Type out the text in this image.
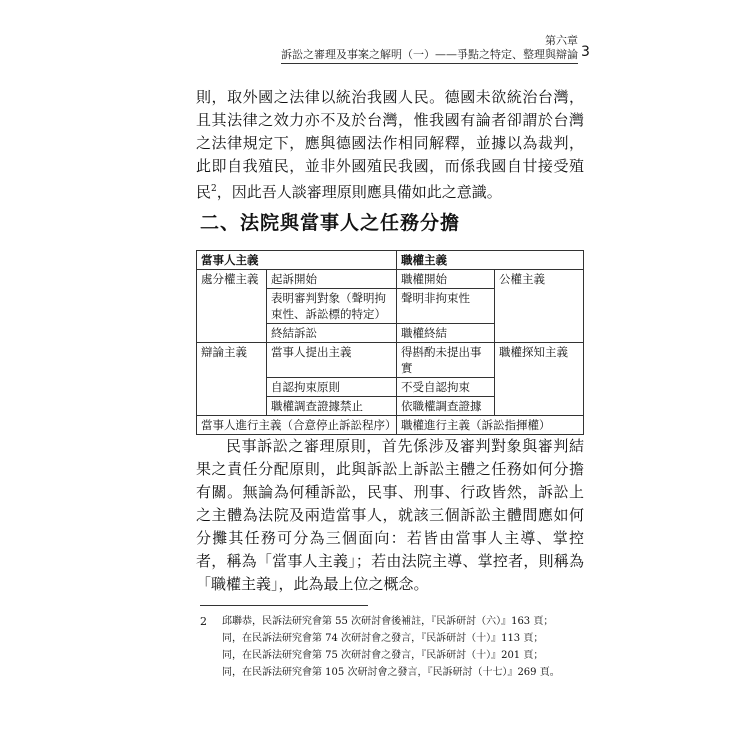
第六章
訴訟之審理及事案之解明（一）——爭點之特定、整理與辯論 3

則，取外國之法律以統治我國人民。德國未欲統治台灣，且其法律之效力亦不及於台灣，惟我國有論者卻謂於台灣之法律規定下，應與德國法作相同解釋，並據以為裁判，此即自我殖民，並非外國殖民我國，而係我國自甘接受殖民$^2$，因此吾人談審理原則應具備如此之意識。

二、法院與當事人之任務分擔
當事人主義		職權主義	
處分權主義	起訴開始	職權開始	公權主義
	表明審判對象（聲明拘束性、訴訟標的特定）	聲明非拘束性	
	終結訴訟	職權終結	
辯論主義	當事人提出主義	得斟酌未提出事實	職權探知主義
	自認拘束原則	不受自認拘束	
	職權調查證據禁止	依職權調查證據	
當事人進行主義（合意停止訴訟程序）		職權進行主義（訴訟指揮權）	

民事訴訟之審理原則，首先係涉及審判對象與審判結果之責任分配原則，此與訴訟上訴訟主體之任務如何分擔有關。無論為何種訴訟，民事、刑事、行政皆然，訴訟上之主體為法院及兩造當事人，就該三個訴訟主體間應如何分攤其任務可分為三個面向：若皆由當事人主導、掌控者，稱為「當事人主義」；若由法院主導、掌控者，則稱為「職權主義」，此為最上位之概念。

2 邱聯恭，民訴法研究會第 55 次研討會後補註，『民訴研討（六）』163 頁；
同，在民訴法研究會第 74 次研討會之發言，『民訴研討（十）』113 頁；
同，在民訴法研究會第 75 次研討會之發言，『民訴研討（十）』201 頁；
同，在民訴法研究會第 105 次研討會之發言，『民訴研討（十七）』269 頁。
